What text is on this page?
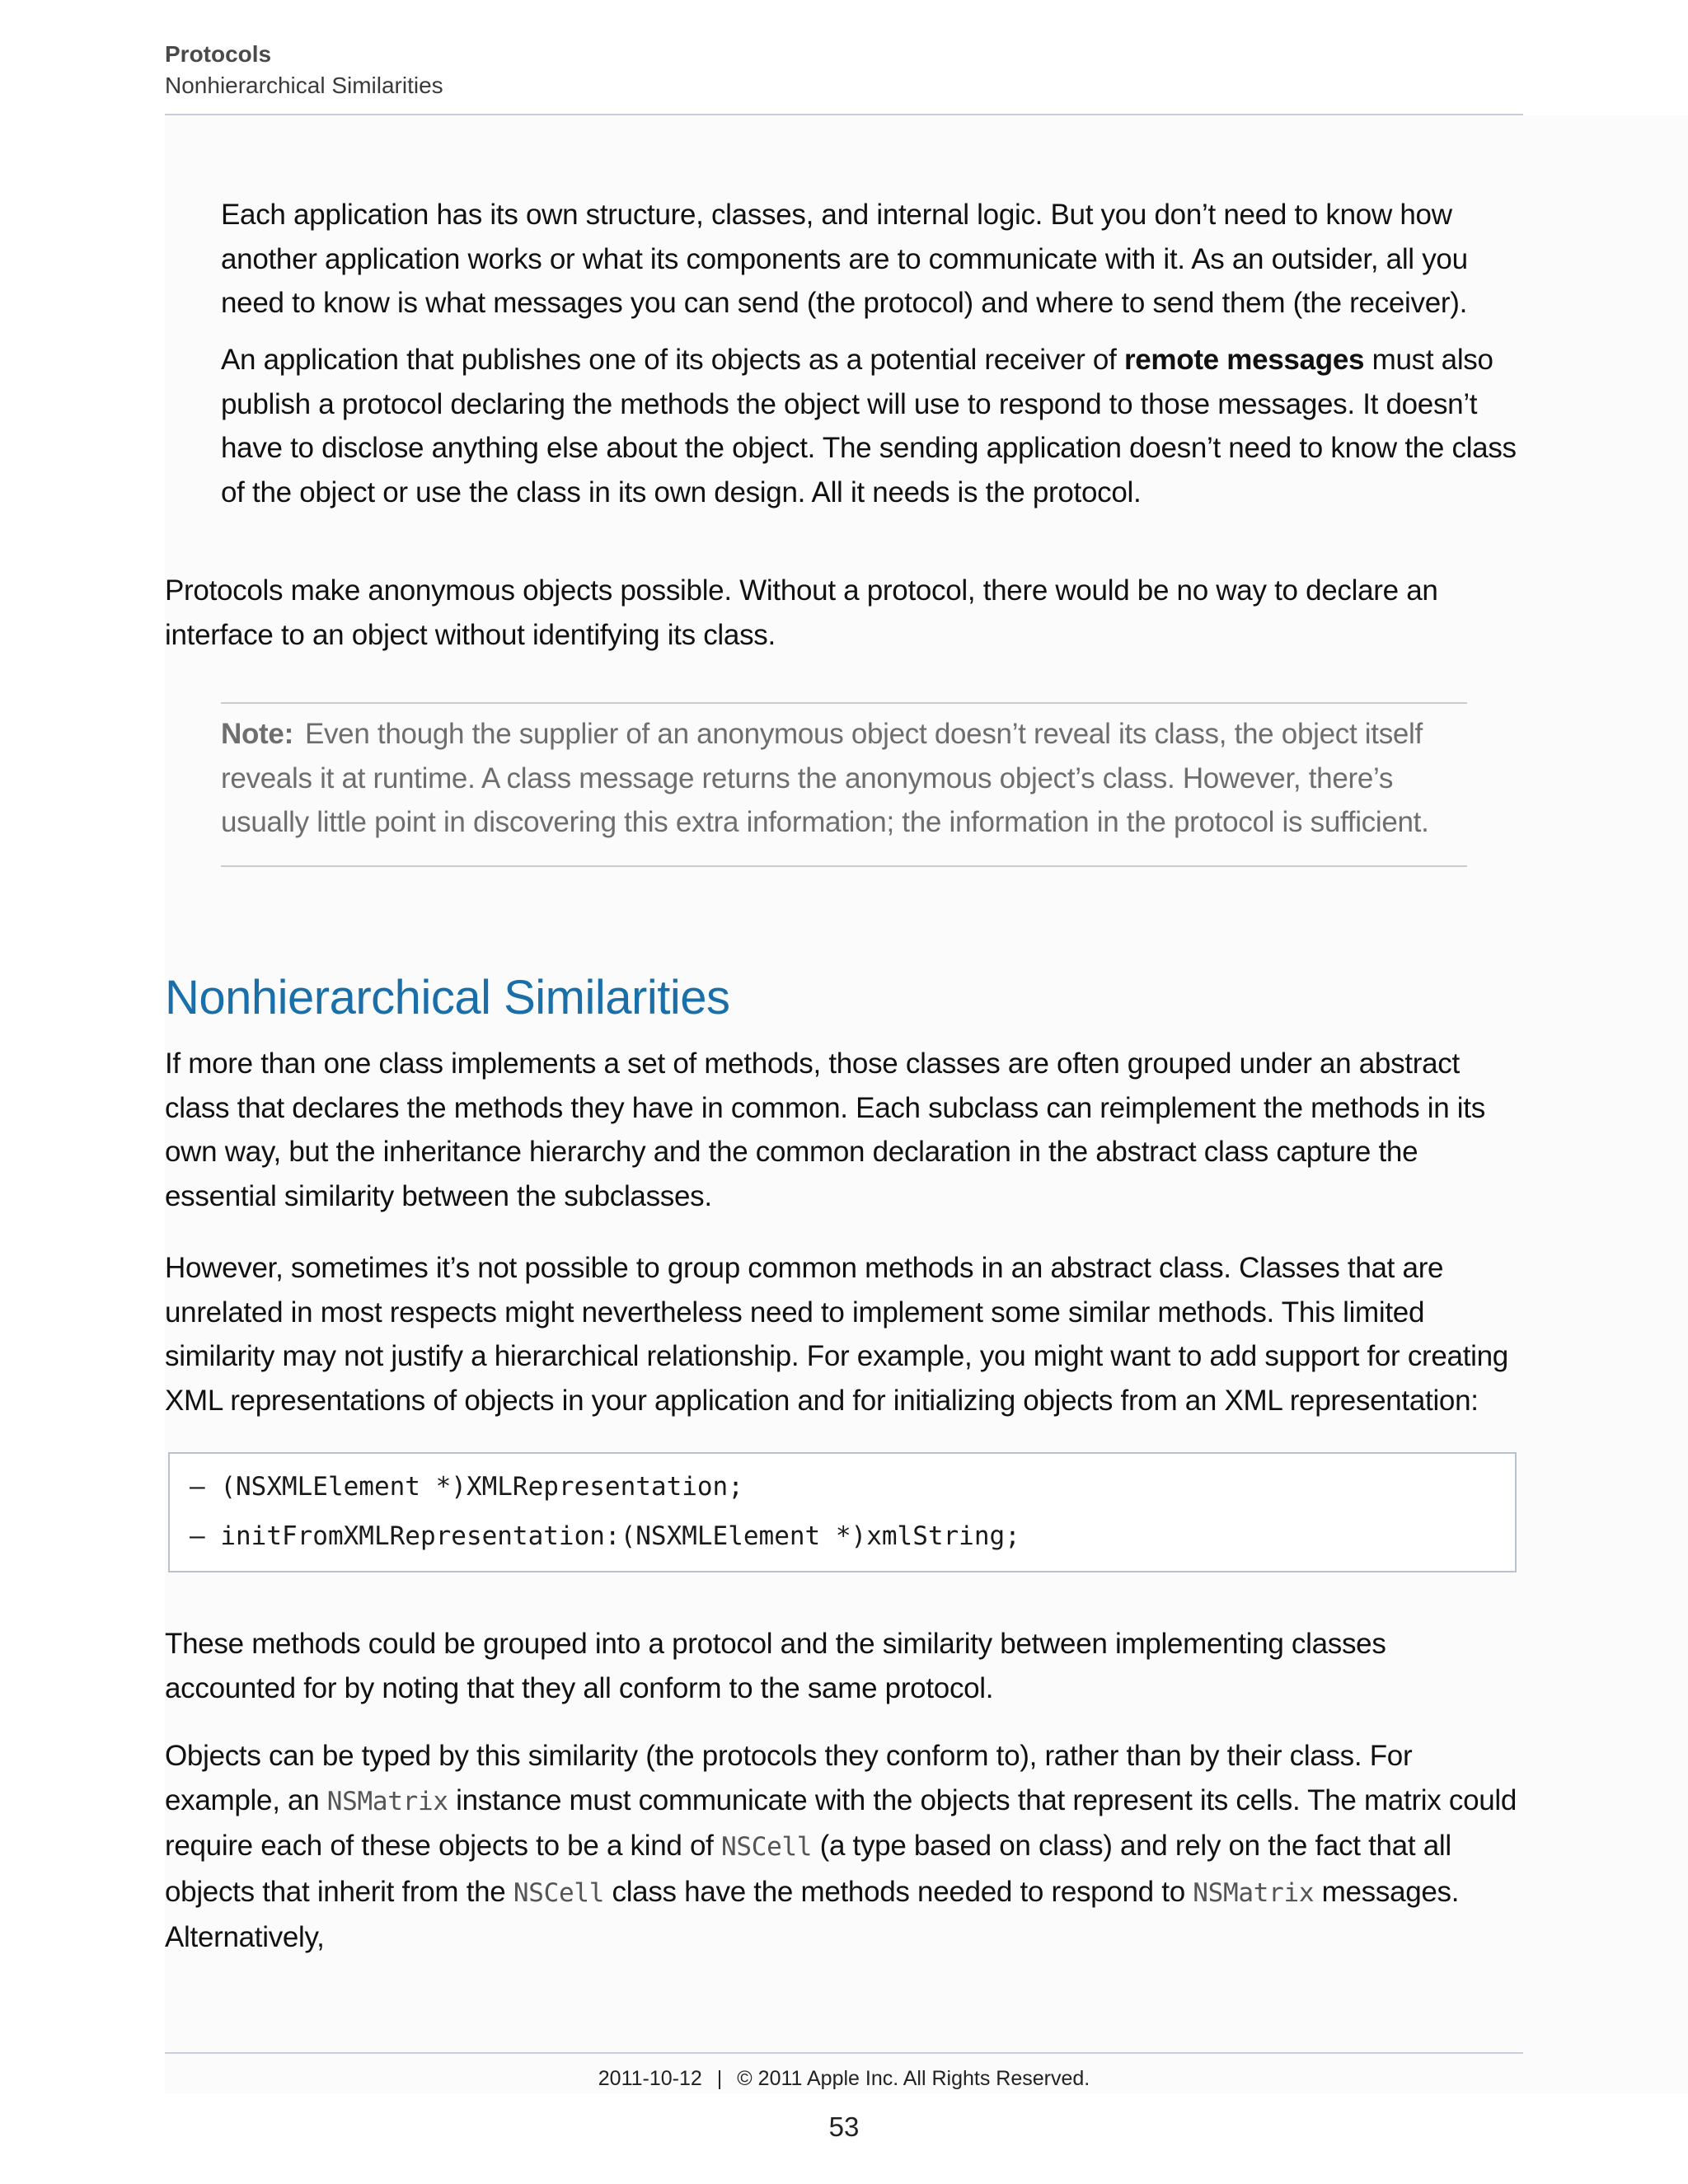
Protocols
Nonhierarchical Similarities

Each application has its own structure, classes, and internal logic. But you don’t need to know how another application works or what its components are to communicate with it. As an outsider, all you need to know is what messages you can send (the protocol) and where to send them (the receiver).

An application that publishes one of its objects as a potential receiver of remote messages must also publish a protocol declaring the methods the object will use to respond to those messages. It doesn’t have to disclose anything else about the object. The sending application doesn’t need to know the class of the object or use the class in its own design. All it needs is the protocol.

Protocols make anonymous objects possible. Without a protocol, there would be no way to declare an interface to an object without identifying its class.

Note: Even though the supplier of an anonymous object doesn’t reveal its class, the object itself reveals it at runtime. A class message returns the anonymous object’s class. However, there’s usually little point in discovering this extra information; the information in the protocol is sufficient.

Nonhierarchical Similarities

If more than one class implements a set of methods, those classes are often grouped under an abstract class that declares the methods they have in common. Each subclass can reimplement the methods in its own way, but the inheritance hierarchy and the common declaration in the abstract class capture the essential similarity between the subclasses.

However, sometimes it’s not possible to group common methods in an abstract class. Classes that are unrelated in most respects might nevertheless need to implement some similar methods. This limited similarity may not justify a hierarchical relationship. For example, you might want to add support for creating XML representations of objects in your application and for initializing objects from an XML representation:

– (NSXMLElement *)XMLRepresentation;

– initFromXMLRepresentation:(NSXMLElement *)xmlString;

These methods could be grouped into a protocol and the similarity between implementing classes accounted for by noting that they all conform to the same protocol.

Objects can be typed by this similarity (the protocols they conform to), rather than by their class. For example, an NSMatrix instance must communicate with the objects that represent its cells. The matrix could require each of these objects to be a kind of NSCell (a type based on class) and rely on the fact that all objects that inherit from the NSCell class have the methods needed to respond to NSMatrix messages. Alternatively,

2011-10-12 | © 2011 Apple Inc. All Rights Reserved.
53
